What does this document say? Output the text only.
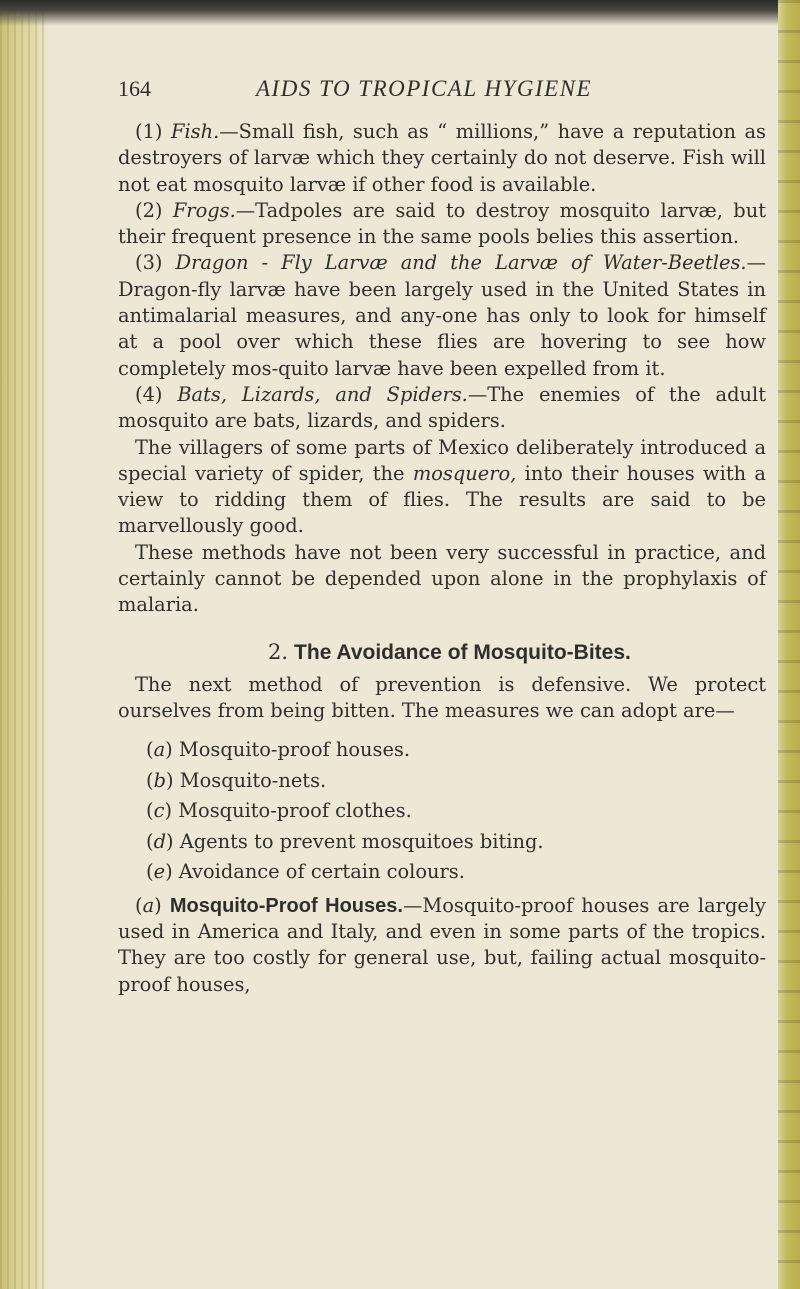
164	AIDS TO TROPICAL HYGIENE

(1) Fish.—Small fish, such as “ millions,” have a reputation as destroyers of larvæ which they certainly do not deserve. Fish will not eat mosquito larvæ if other food is available.

(2) Frogs.—Tadpoles are said to destroy mosquito larvæ, but their frequent presence in the same pools belies this assertion.

(3) Dragon - Fly Larvæ and the Larvæ of Water-Beetles.—Dragon-fly larvæ have been largely used in the United States in antimalarial measures, and any-one has only to look for himself at a pool over which these flies are hovering to see how completely mos-quito larvæ have been expelled from it.

(4) Bats, Lizards, and Spiders.—The enemies of the adult mosquito are bats, lizards, and spiders.

The villagers of some parts of Mexico deliberately introduced a special variety of spider, the mosquero, into their houses with a view to ridding them of flies. The results are said to be marvellously good.

These methods have not been very successful in practice, and certainly cannot be depended upon alone in the prophylaxis of malaria.

2. The Avoidance of Mosquito-Bites.

The next method of prevention is defensive. We protect ourselves from being bitten. The measures we can adopt are—

(a) Mosquito-proof houses.
(b) Mosquito-nets.
(c) Mosquito-proof clothes.
(d) Agents to prevent mosquitoes biting.
(e) Avoidance of certain colours.

(a) Mosquito-Proof Houses.—Mosquito-proof houses are largely used in America and Italy, and even in some parts of the tropics. They are too costly for general use, but, failing actual mosquito-proof houses,
